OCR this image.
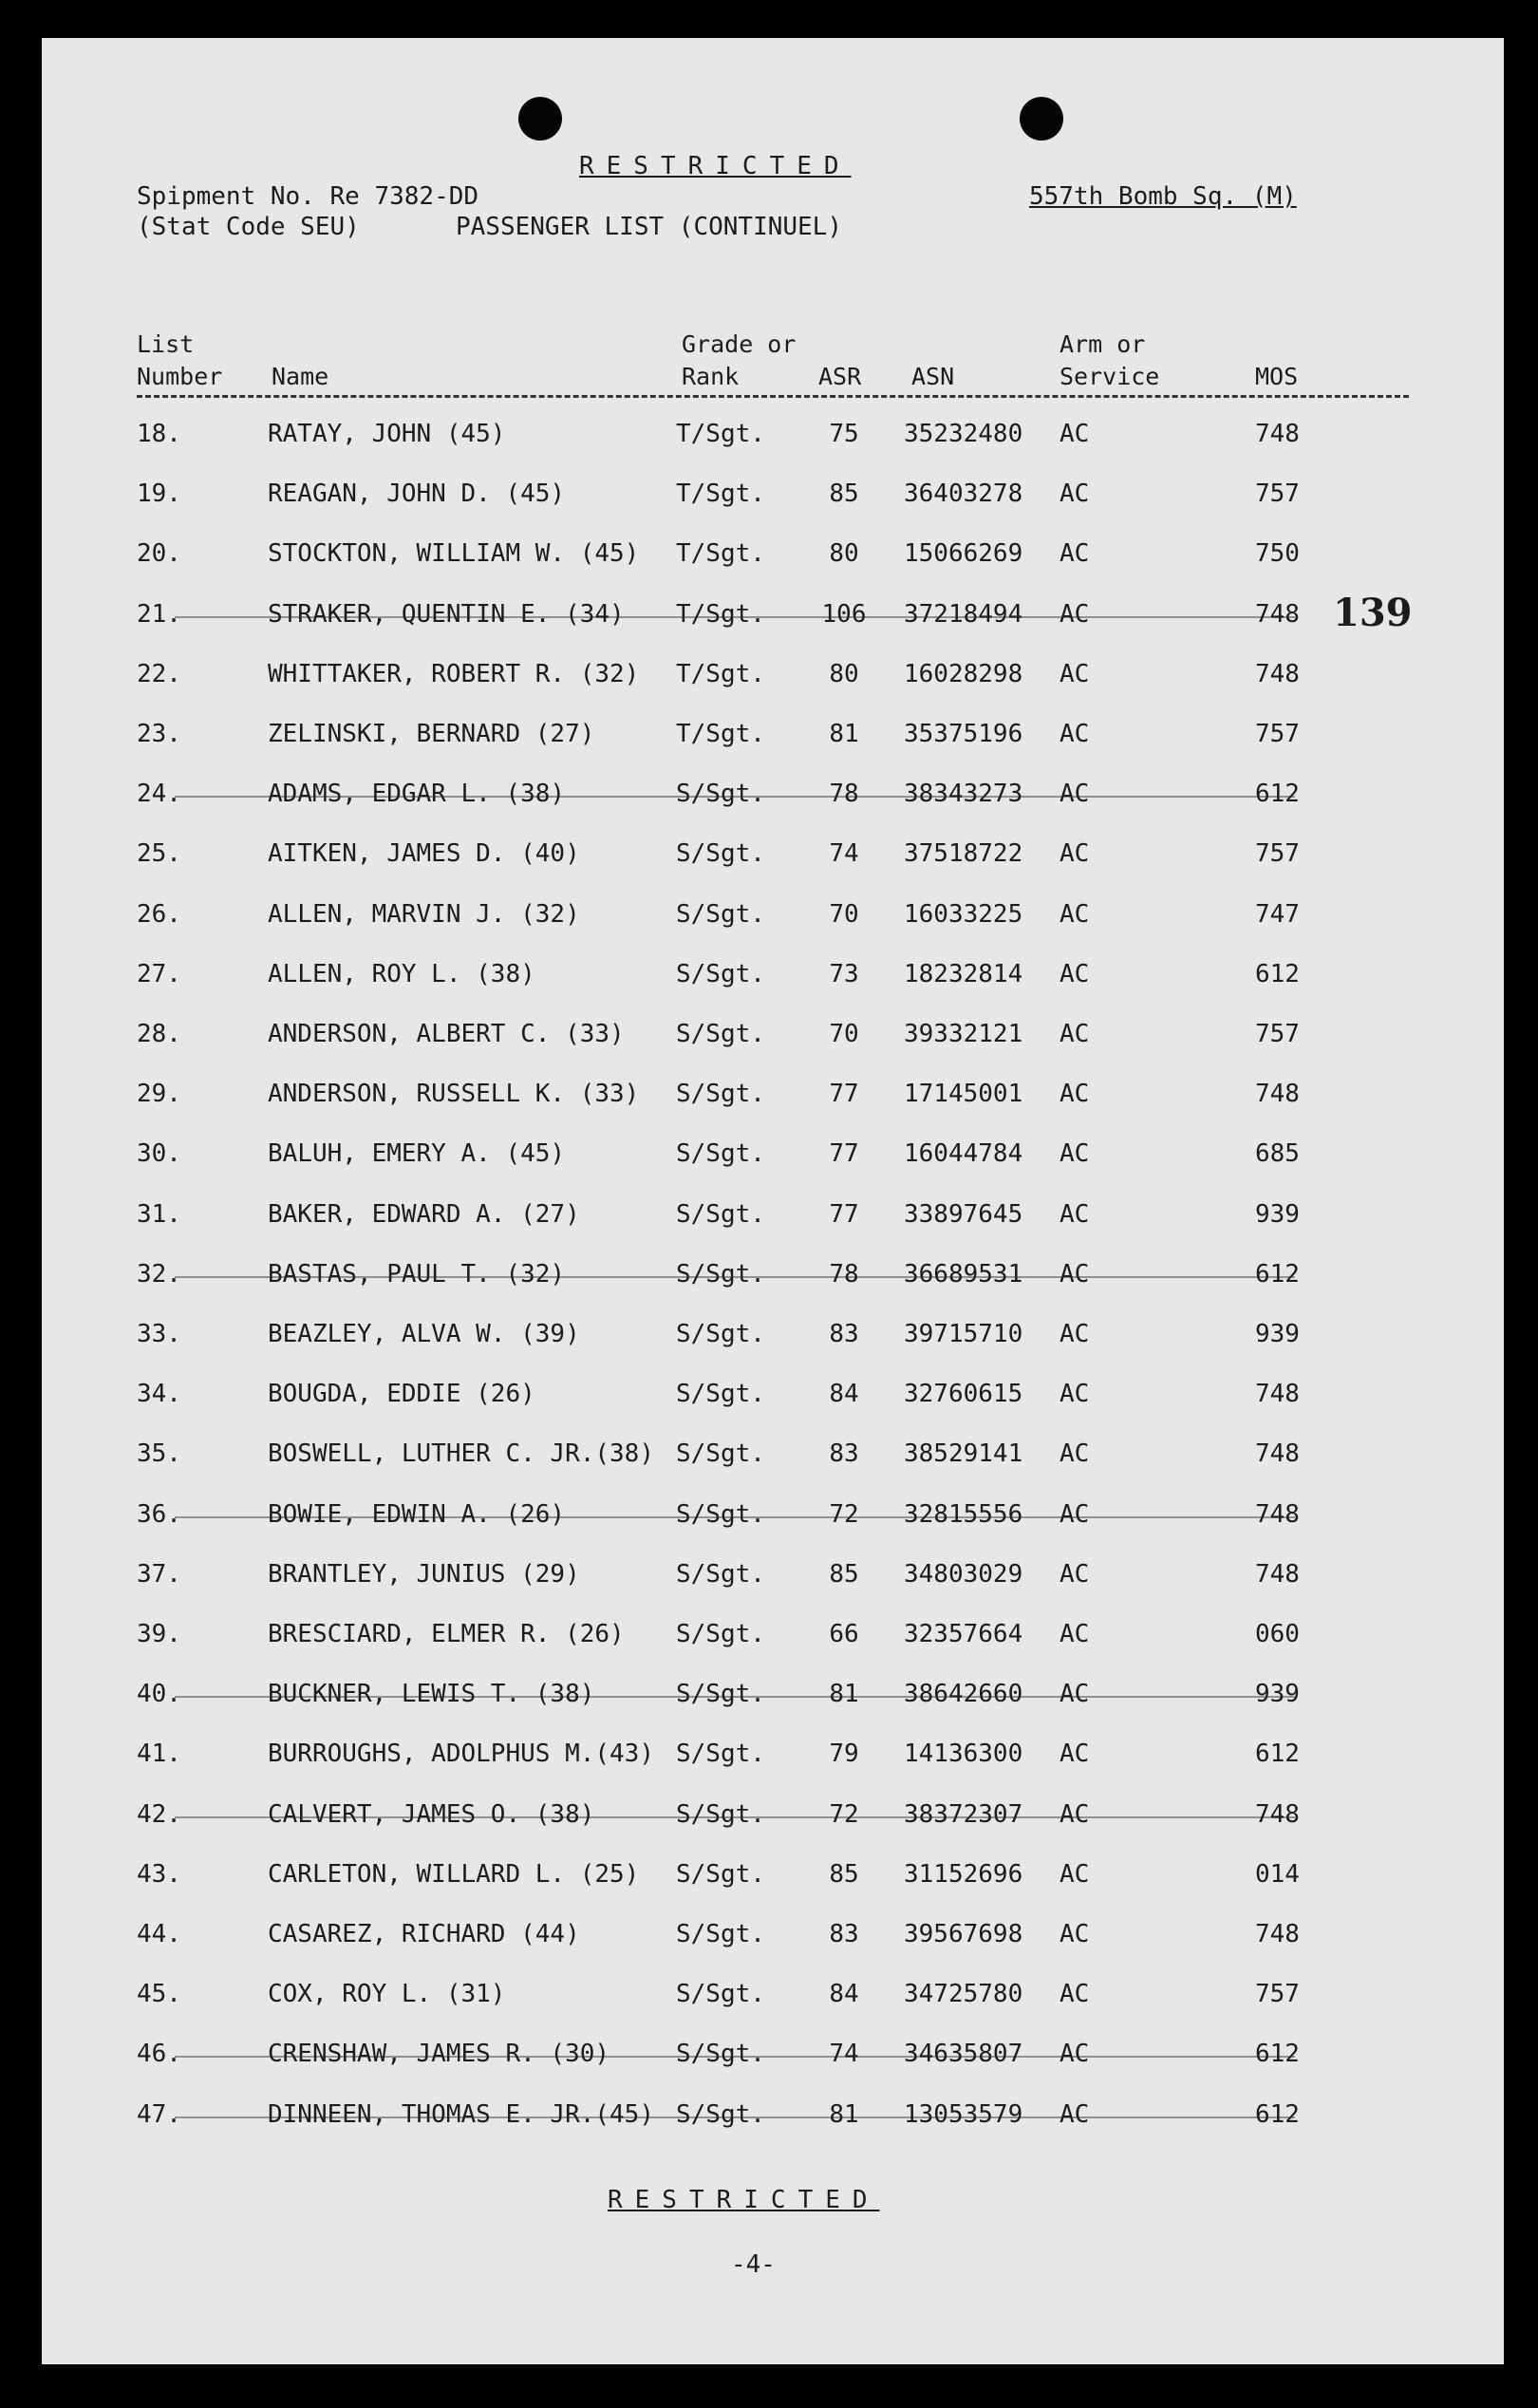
RESTRICTED
Spipment No. Re 7382-DD
(Stat Code SEU)	PASSENGER LIST (CONTINUEL)
557th Bomb Sq. (M)
List
Number Name
Grade or
Rank	ASR ASN
Arm or
Service	MOS
139
18.	RATAY, JOHN (45)	T/Sgt.	75	35232480 AC	748
19.	REAGAN, JOHN D. (45)	T/Sgt.	85	36403278 AC	757
20.	STOCKTON, WILLIAM W. (45) T/Sgt.	80	15066269 AC	750
21.	STRAKER, QUENTIN E. (34) T/Sgt.	106	37218494 AC	748
22.	WHITTAKER, ROBERT R. (32) T/Sgt.	80	16028298 AC	748
23.	ZELINSKI, BERNARD (27)	T/Sgt.	81	35375196 AC	757
24.	ADAMS, EDGAR L. (38)	S/Sgt.	78	38343273 AC	612
25.	AITKEN, JAMES D. (40)	S/Sgt.	74	37518722 AC	757
26.	ALLEN, MARVIN J. (32)	S/Sgt.	70	16033225 AC	747
27.	ALLEN, ROY L. (38)	S/Sgt.	73	18232814 AC	612
28.	ANDERSON, ALBERT C. (33) S/Sgt.	70	39332121 AC	757
29.	ANDERSON, RUSSELL K. (33) S/Sgt.	77	17145001 AC	748
30.	BALUH, EMERY A. (45)	S/Sgt.	77	16044784 AC	685
31.	BAKER, EDWARD A. (27)	S/Sgt.	77	33897645 AC	939
32.	BASTAS, PAUL T. (32)	S/Sgt.	78	36689531 AC	612
33.	BEAZLEY, ALVA W. (39)	S/Sgt.	83	39715710 AC	939
34.	BOUGDA, EDDIE (26)	S/Sgt.	84	32760615 AC	748
35.	BOSWELL, LUTHER C. JR.(38) S/Sgt.	83	38529141 AC	748
36.	BOWIE, EDWIN A. (26)	S/Sgt.	72	32815556 AC	748
37.	BRANTLEY, JUNIUS (29)	S/Sgt.	85	34803029 AC	748
39.	BRESCIARD, ELMER R. (26) S/Sgt.	66	32357664 AC	060
40.	BUCKNER, LEWIS T. (38)	S/Sgt.	81	38642660 AC	939
41.	BURROUGHS, ADOLPHUS M.(43) S/Sgt.	79	14136300 AC	612
42.	CALVERT, JAMES O. (38)	S/Sgt.	72	38372307 AC	748
43.	CARLETON, WILLARD L. (25) S/Sgt.	85	31152696 AC	014
44.	CASAREZ, RICHARD (44)	S/Sgt.	83	39567698 AC	748
45.	COX, ROY L. (31)	S/Sgt.	84	34725780 AC	757
46.	CRENSHAW, JAMES R. (30)	S/Sgt.	74	34635807 AC	612
47.	DINNEEN, THOMAS E. JR.(45) S/Sgt.	81	13053579 AC	612
RESTRICTED
-4-
